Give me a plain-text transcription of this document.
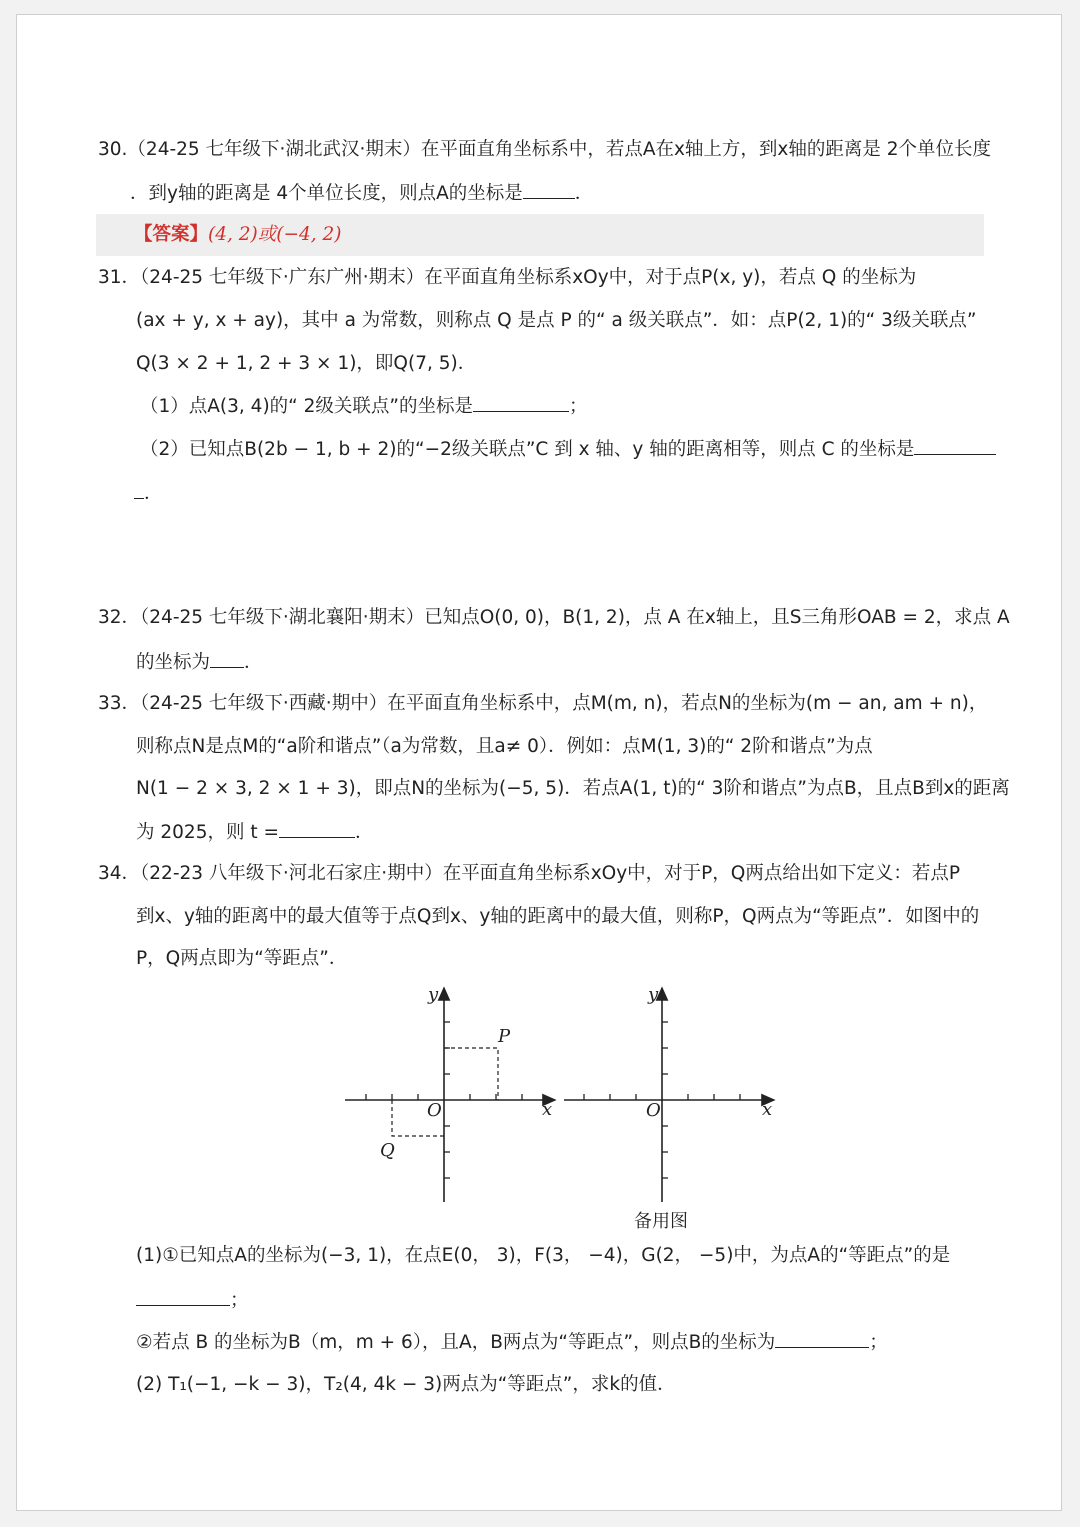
30.（24-25 七年级下·湖北武汉·期末）在平面直角坐标系中，若点A在x轴上方，到x轴的距离是 2个单位长度
．到y轴的距离是 4个单位长度，则点A的坐标是	．
【答案】(4, 2)或(−4, 2)
31．（24-25 七年级下·广东广州·期末）在平面直角坐标系xOy中，对于点P(x, y)，若点 Q 的坐标为
(ax + y, x + ay)，其中 a 为常数，则称点 Q 是点 P 的“ a 级关联点”．如：点P(2, 1)的“ 3级关联点”
Q(3 × 2 + 1, 2 + 3 × 1)，即Q(7, 5)．
（1）点A(3, 4)的“ 2级关联点”的坐标是	；
（2）已知点B(2b − 1, b + 2)的“−2级关联点”C 到 x 轴、y 轴的距离相等，则点 C 的坐标是
．
32．（24-25 七年级下·湖北襄阳·期末）已知点O(0, 0)，B(1, 2)，点 A 在x轴上，且S三角形OAB = 2，求点 A
的坐标为 ．
33．（24-25 七年级下·西藏·期中）在平面直角坐标系中，点M(m, n)，若点N的坐标为(m − an, am + n)，
则称点N是点M的“a阶和谐点”（a为常数，且a≠ 0）．例如：点M(1, 3)的“ 2阶和谐点”为点
N(1 − 2 × 3, 2 × 1 + 3)，即点N的坐标为(−5, 5)．若点A(1, t)的“ 3阶和谐点”为点B，且点B到x的距离
为 2025，则 t =	．
34．（22-23 八年级下·河北石家庄·期中）在平面直角坐标系xOy中，对于P，Q两点给出如下定义：若点P
到x、y轴的距离中的最大值等于点Q到x、y轴的距离中的最大值，则称P，Q两点为“等距点”．如图中的
P，Q两点即为“等距点”．
y
x
O
P
Q
y
x
O
备用图
(1)①已知点A的坐标为(−3, 1)，在点E(0， 3)，F(3， −4)，G(2， −5)中，为点A的“等距点”的是
；
②若点 B 的坐标为B（m，m + 6），且A，B两点为“等距点”，则点B的坐标为	；
(2) T₁(−1, −k − 3)，T₂(4, 4k − 3)两点为“等距点”，求k的值．
